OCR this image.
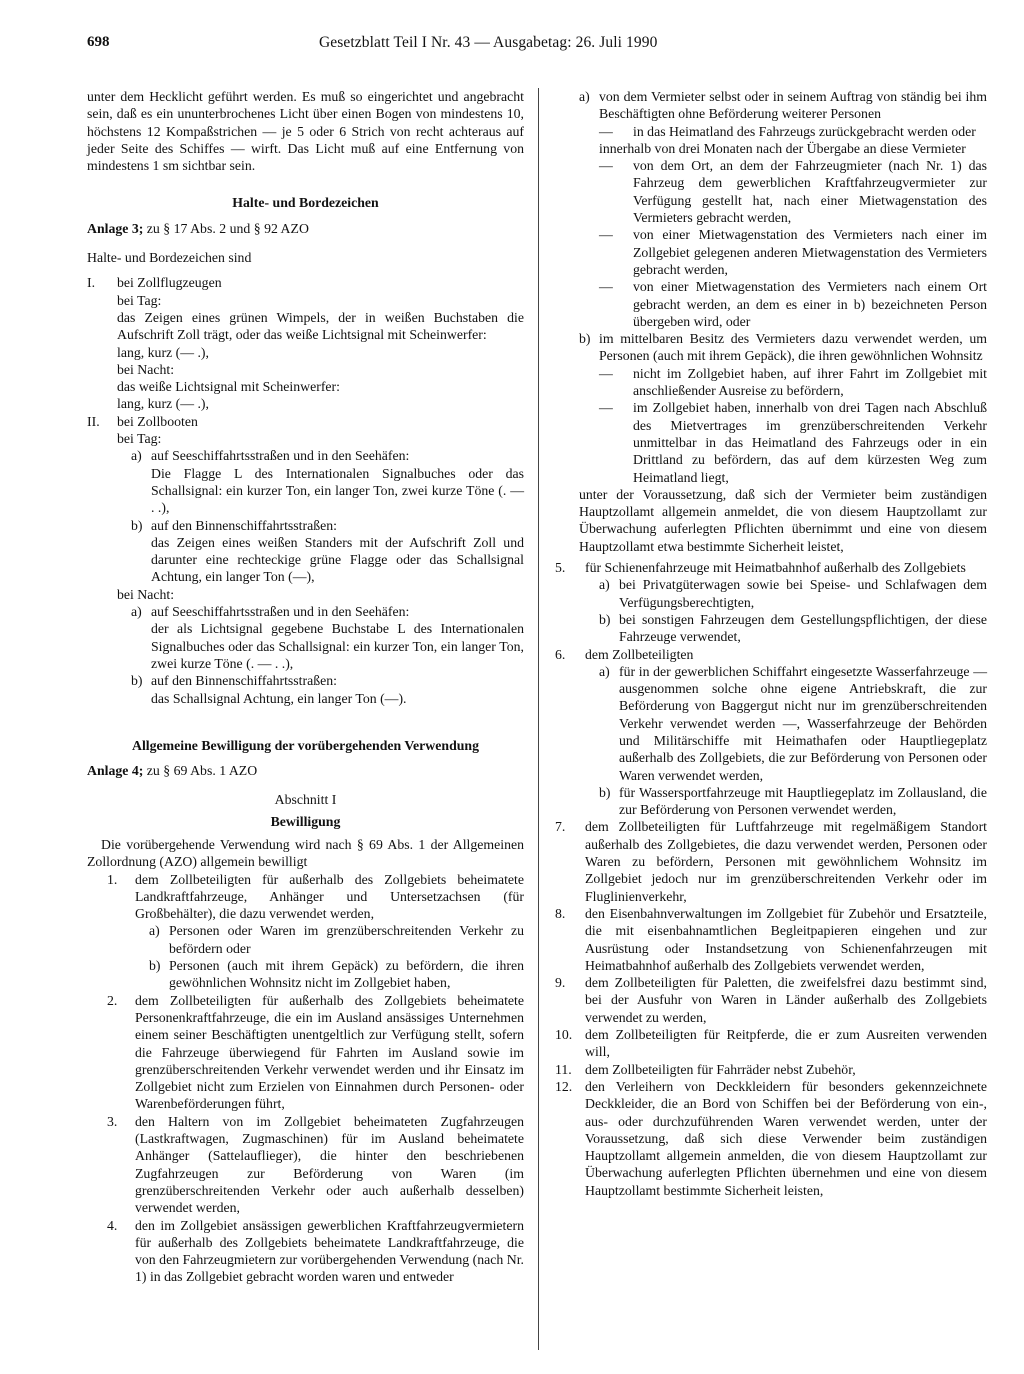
698	Gesetzblatt Teil I Nr. 43 — Ausgabetag: 26. Juli 1990

unter dem Hecklicht geführt werden. Es muß so eingerichtet und angebracht sein, daß es ein ununterbrochenes Licht über einen Bogen von mindestens 10, höchstens 12 Kompaßstrichen — je 5 oder 6 Strich von recht achteraus auf jeder Seite des Schiffes — wirft. Das Licht muß auf eine Entfernung von mindestens 1 sm sichtbar sein.

Halte- und Bordezeichen

Anlage 3; zu § 17 Abs. 2 und § 92 AZO

Halte- und Bordezeichen sind

I.	bei Zollflugzeugen

bei Tag:

das Zeigen eines grünen Wimpels, der in weißen Buchstaben die Aufschrift Zoll trägt, oder das weiße Lichtsignal mit Scheinwerfer:

lang, kurz (— .),

bei Nacht:

das weiße Lichtsignal mit Scheinwerfer:

lang, kurz (— .),

II.	bei Zollbooten

bei Tag:

a) auf Seeschiffahrtsstraßen und in den Seehäfen:

Die Flagge L des Internationalen Signalbuches oder das Schallsignal: ein kurzer Ton, ein langer Ton, zwei kurze Töne (. — . .),

b) auf den Binnenschiffahrtsstraßen:

das Zeigen eines weißen Standers mit der Aufschrift Zoll und darunter eine rechteckige grüne Flagge oder das Schallsignal Achtung, ein langer Ton (—),

bei Nacht:

a) auf Seeschiffahrtsstraßen und in den Seehäfen:

der als Lichtsignal gegebene Buchstabe L des Internationalen Signalbuches oder das Schallsignal: ein kurzer Ton, ein langer Ton, zwei kurze Töne (. — . .),

b) auf den Binnenschiffahrtsstraßen:

das Schallsignal Achtung, ein langer Ton (—).

Allgemeine Bewilligung der vorübergehenden Verwendung

Anlage 4; zu § 69 Abs. 1 AZO

Abschnitt I

Bewilligung

Die vorübergehende Verwendung wird nach § 69 Abs. 1 der Allgemeinen Zollordnung (AZO) allgemein bewilligt

1.	dem Zollbeteiligten für außerhalb des Zollgebiets beheimatete Landkraftfahrzeuge, Anhänger und Untersetzachsen (für Großbehälter), die dazu verwendet werden,

a) Personen oder Waren im grenzüberschreitenden Verkehr zu befördern oder

b) Personen (auch mit ihrem Gepäck) zu befördern, die ihren gewöhnlichen Wohnsitz nicht im Zollgebiet haben,

2.	dem Zollbeteiligten für außerhalb des Zollgebiets beheimatete Personenkraftfahrzeuge, die ein im Ausland ansässiges Unternehmen einem seiner Beschäftigten unentgeltlich zur Verfügung stellt, sofern die Fahrzeuge überwiegend für Fahrten im Ausland sowie im grenzüberschreitenden Verkehr verwendet werden und ihr Einsatz im Zollgebiet nicht zum Erzielen von Einnahmen durch Personen- oder Warenbeförderungen führt,

3.	den Haltern von im Zollgebiet beheimateten Zugfahrzeugen (Lastkraftwagen, Zugmaschinen) für im Ausland beheimatete Anhänger (Sattelauflieger), die hinter den beschriebenen Zugfahrzeugen zur Beförderung von Waren (im grenzüberschreitenden Verkehr oder auch außerhalb desselben) verwendet werden,

4.	den im Zollgebiet ansässigen gewerblichen Kraftfahrzeugvermietern für außerhalb des Zollgebiets beheimatete Landkraftfahrzeuge, die von den Fahrzeugmietern zur vorübergehenden Verwendung (nach Nr. 1) in das Zollgebiet gebracht worden waren und entweder

a) von dem Vermieter selbst oder in seinem Auftrag von ständig bei ihm Beschäftigten ohne Beförderung weiterer Personen

—	in das Heimatland des Fahrzeugs zurückgebracht werden oder

innerhalb von drei Monaten nach der Übergabe an diese Vermieter

—	von dem Ort, an dem der Fahrzeugmieter (nach Nr. 1) das Fahrzeug dem gewerblichen Kraftfahrzeugvermieter zur Verfügung gestellt hat, nach einer Mietwagenstation des Vermieters gebracht werden,

—	von einer Mietwagenstation des Vermieters nach einer im Zollgebiet gelegenen anderen Mietwagenstation des Vermieters gebracht werden,

—	von einer Mietwagenstation des Vermieters nach einem Ort gebracht werden, an dem es einer in b) bezeichneten Person übergeben wird, oder

b) im mittelbaren Besitz des Vermieters dazu verwendet werden, um Personen (auch mit ihrem Gepäck), die ihren gewöhnlichen Wohnsitz

—	nicht im Zollgebiet haben, auf ihrer Fahrt im Zollgebiet mit anschließender Ausreise zu befördern,

—	im Zollgebiet haben, innerhalb von drei Tagen nach Abschluß des Mietvertrages im grenzüberschreitenden Verkehr unmittelbar in das Heimatland des Fahrzeugs oder in ein Drittland zu befördern, das auf dem kürzesten Weg zum Heimatland liegt,

unter der Voraussetzung, daß sich der Vermieter beim zuständigen Hauptzollamt allgemein anmeldet, die von diesem Hauptzollamt zur Überwachung auferlegten Pflichten übernimmt und eine von diesem Hauptzollamt etwa bestimmte Sicherheit leistet,

5.	für Schienenfahrzeuge mit Heimatbahnhof außerhalb des Zollgebiets

a) bei Privatgüterwagen sowie bei Speise- und Schlafwagen dem Verfügungsberechtigten,

b) bei sonstigen Fahrzeugen dem Gestellungspflichtigen, der diese Fahrzeuge verwendet,

6.	dem Zollbeteiligten

a) für in der gewerblichen Schiffahrt eingesetzte Wasserfahrzeuge — ausgenommen solche ohne eigene Antriebskraft, die zur Beförderung von Baggergut nicht nur im grenzüberschreitenden Verkehr verwendet werden —, Wasserfahrzeuge der Behörden und Militärschiffe mit Heimathafen oder Hauptliegeplatz außerhalb des Zollgebiets, die zur Beförderung von Personen oder Waren verwendet werden,

b) für Wassersportfahrzeuge mit Hauptliegeplatz im Zollausland, die zur Beförderung von Personen verwendet werden,

7.	dem Zollbeteiligten für Luftfahrzeuge mit regelmäßigem Standort außerhalb des Zollgebietes, die dazu verwendet werden, Personen oder Waren zu befördern, Personen mit gewöhnlichem Wohnsitz im Zollgebiet jedoch nur im grenzüberschreitenden Verkehr oder im Fluglinienverkehr,

8.	den Eisenbahnverwaltungen im Zollgebiet für Zubehör und Ersatzteile, die mit eisenbahnamtlichen Begleitpapieren eingehen und zur Ausrüstung oder Instandsetzung von Schienenfahrzeugen mit Heimatbahnhof außerhalb des Zollgebiets verwendet werden,

9.	dem Zollbeteiligten für Paletten, die zweifelsfrei dazu bestimmt sind, bei der Ausfuhr von Waren in Länder außerhalb des Zollgebiets verwendet zu werden,

10. dem Zollbeteiligten für Reitpferde, die er zum Ausreiten verwenden will,

11. dem Zollbeteiligten für Fahrräder nebst Zubehör,

12. den Verleihern von Deckkleidern für besonders gekennzeichnete Deckkleider, die an Bord von Schiffen bei der Beförderung von ein-, aus- oder durchzuführenden Waren verwendet werden, unter der Voraussetzung, daß sich diese Verwender beim zuständigen Hauptzollamt allgemein anmelden, die von diesem Hauptzollamt zur Überwachung auferlegten Pflichten übernehmen und eine von diesem Hauptzollamt bestimmte Sicherheit leisten,
